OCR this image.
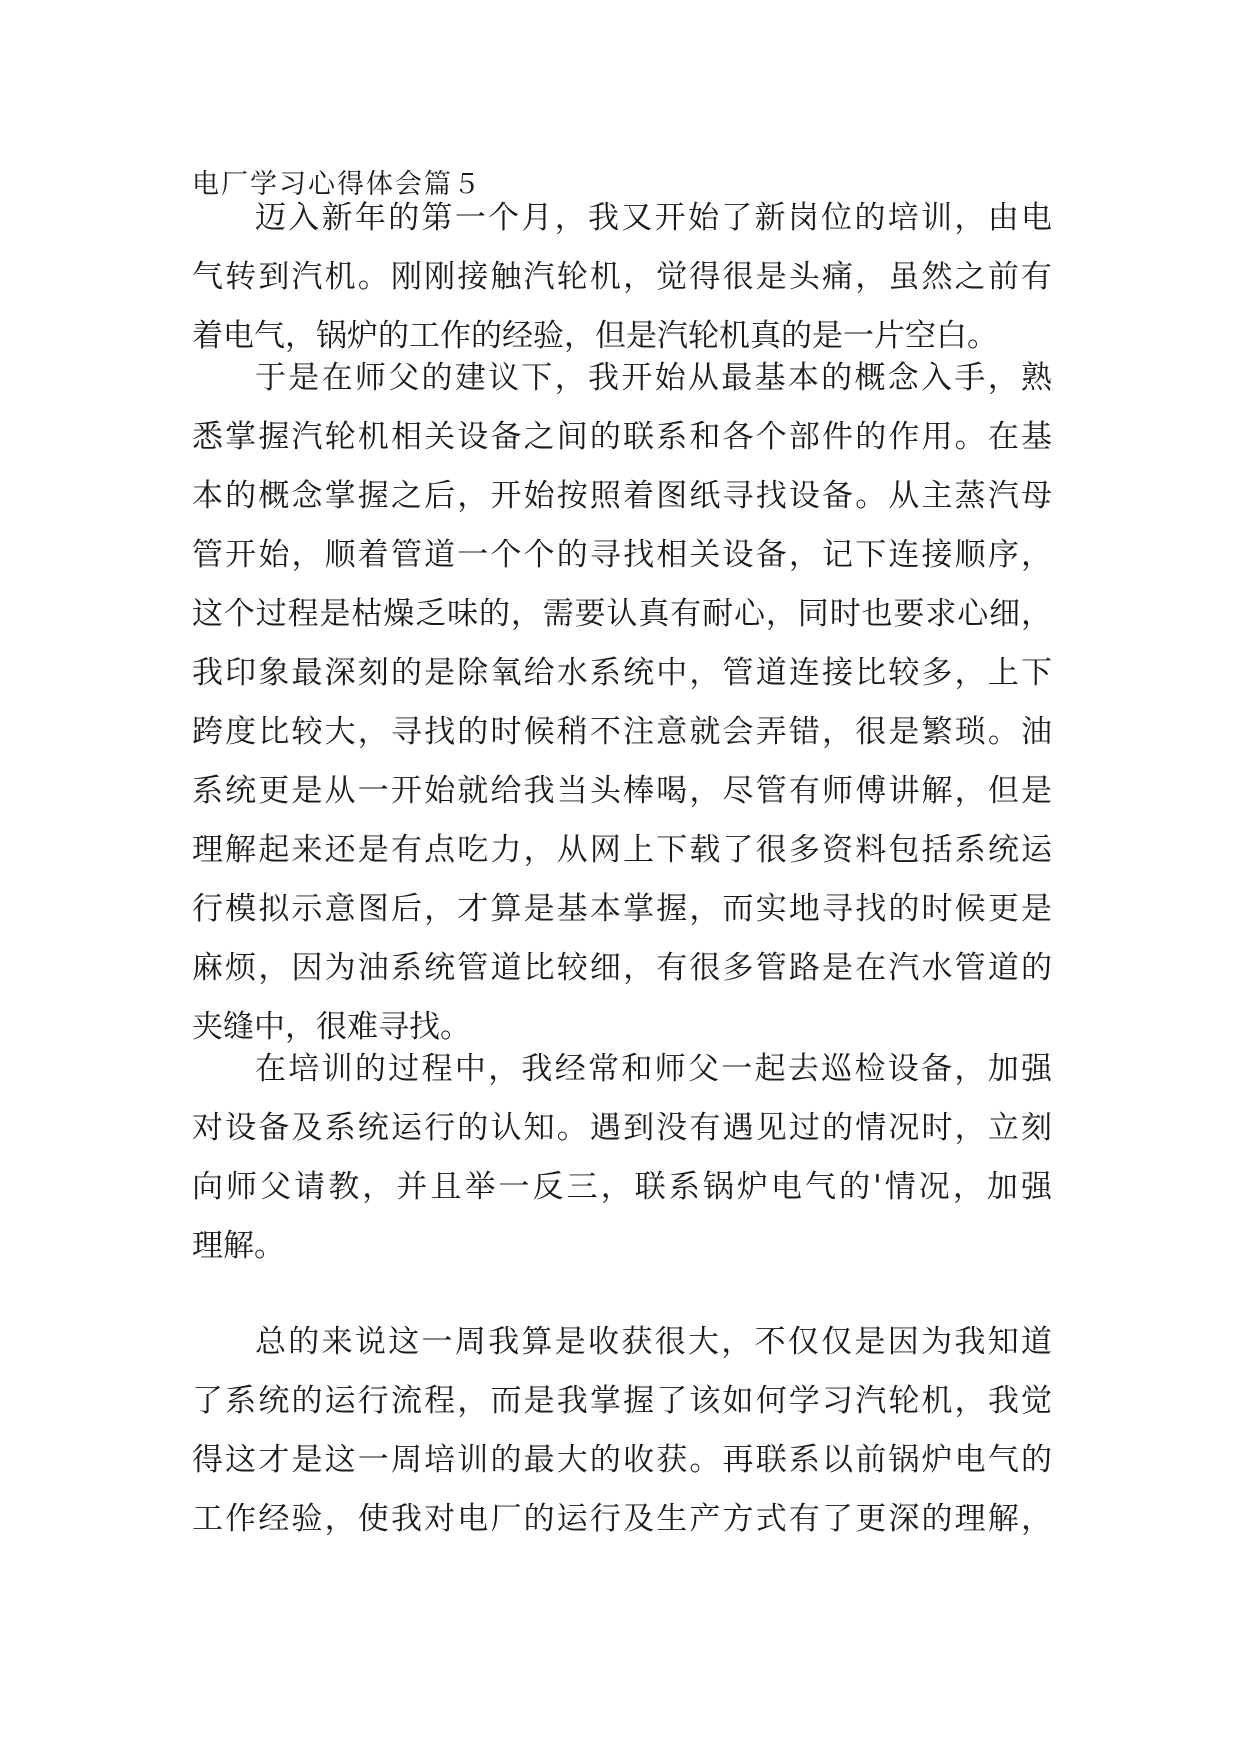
电厂学习心得体会篇５
迈入新年的第一个月，我又开始了新岗位的培训，由电
气转到汽机。刚刚接触汽轮机，觉得很是头痛，虽然之前有
着电气，锅炉的工作的经验，但是汽轮机真的是一片空白。
于是在师父的建议下，我开始从最基本的概念入手，熟
悉掌握汽轮机相关设备之间的联系和各个部件的作用。在基
本的概念掌握之后，开始按照着图纸寻找设备。从主蒸汽母
管开始，顺着管道一个个的寻找相关设备，记下连接顺序，
这个过程是枯燥乏味的，需要认真有耐心，同时也要求心细，
我印象最深刻的是除氧给水系统中，管道连接比较多，上下
跨度比较大，寻找的时候稍不注意就会弄错，很是繁琐。油
系统更是从一开始就给我当头棒喝，尽管有师傅讲解，但是
理解起来还是有点吃力，从网上下载了很多资料包括系统运
行模拟示意图后，才算是基本掌握，而实地寻找的时候更是
麻烦，因为油系统管道比较细，有很多管路是在汽水管道的
夹缝中，很难寻找。
在培训的过程中，我经常和师父一起去巡检设备，加强
对设备及系统运行的认知。遇到没有遇见过的情况时，立刻
向师父请教，并且举一反三，联系锅炉电气的'情况，加强
理解。
总的来说这一周我算是收获很大，不仅仅是因为我知道
了系统的运行流程，而是我掌握了该如何学习汽轮机，我觉
得这才是这一周培训的最大的收获。再联系以前锅炉电气的
工作经验，使我对电厂的运行及生产方式有了更深的理解，
